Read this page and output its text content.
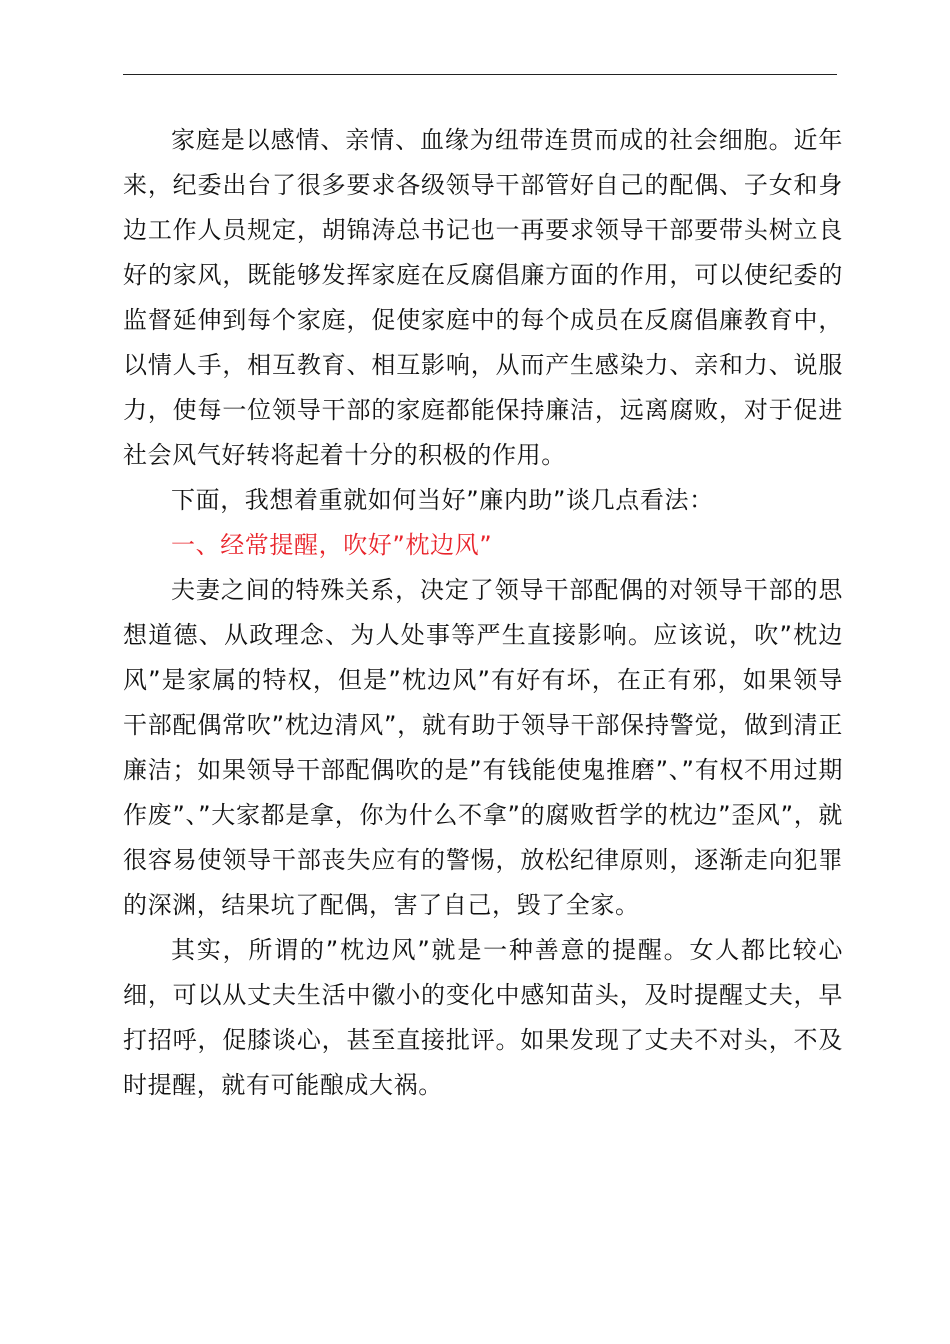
家庭是以感情、亲情、血缘为纽带连贯而成的社会细胞。近年来，纪委出台了很多要求各级领导干部管好自己的配偶、子女和身边工作人员规定，胡锦涛总书记也一再要求领导干部要带头树立良好的家风，既能够发挥家庭在反腐倡廉方面的作用，可以使纪委的监督延伸到每个家庭，促使家庭中的每个成员在反腐倡廉教育中，以情人手，相互教育、相互影响，从而产生感染力、亲和力、说服力，使每一位领导干部的家庭都能保持廉洁，远离腐败，对于促进社会风气好转将起着十分的积极的作用。

下面，我想着重就如何当好”廉内助”谈几点看法：

一、经常提醒，吹好”枕边风”

夫妻之间的特殊关系，决定了领导干部配偶的对领导干部的思想道德、从政理念、为人处事等严生直接影响。应该说，吹”枕边风”是家属的特权，但是”枕边风”有好有坏，在正有邪，如果领导干部配偶常吹”枕边清风”，就有助于领导干部保持警觉，做到清正廉洁；如果领导干部配偶吹的是”有钱能使鬼推磨”、”有权不用过期作废”、”大家都是拿，你为什么不拿”的腐败哲学的枕边”歪风”，就很容易使领导干部丧失应有的警惕，放松纪律原则，逐渐走向犯罪的深渊，结果坑了配偶，害了自己，毁了全家。

其实，所谓的”枕边风”就是一种善意的提醒。女人都比较心细，可以从丈夫生活中徽小的变化中感知苗头，及时提醒丈夫，早打招呼，促膝谈心，甚至直接批评。如果发现了丈夫不对头，不及时提醒，就有可能酿成大祸。
